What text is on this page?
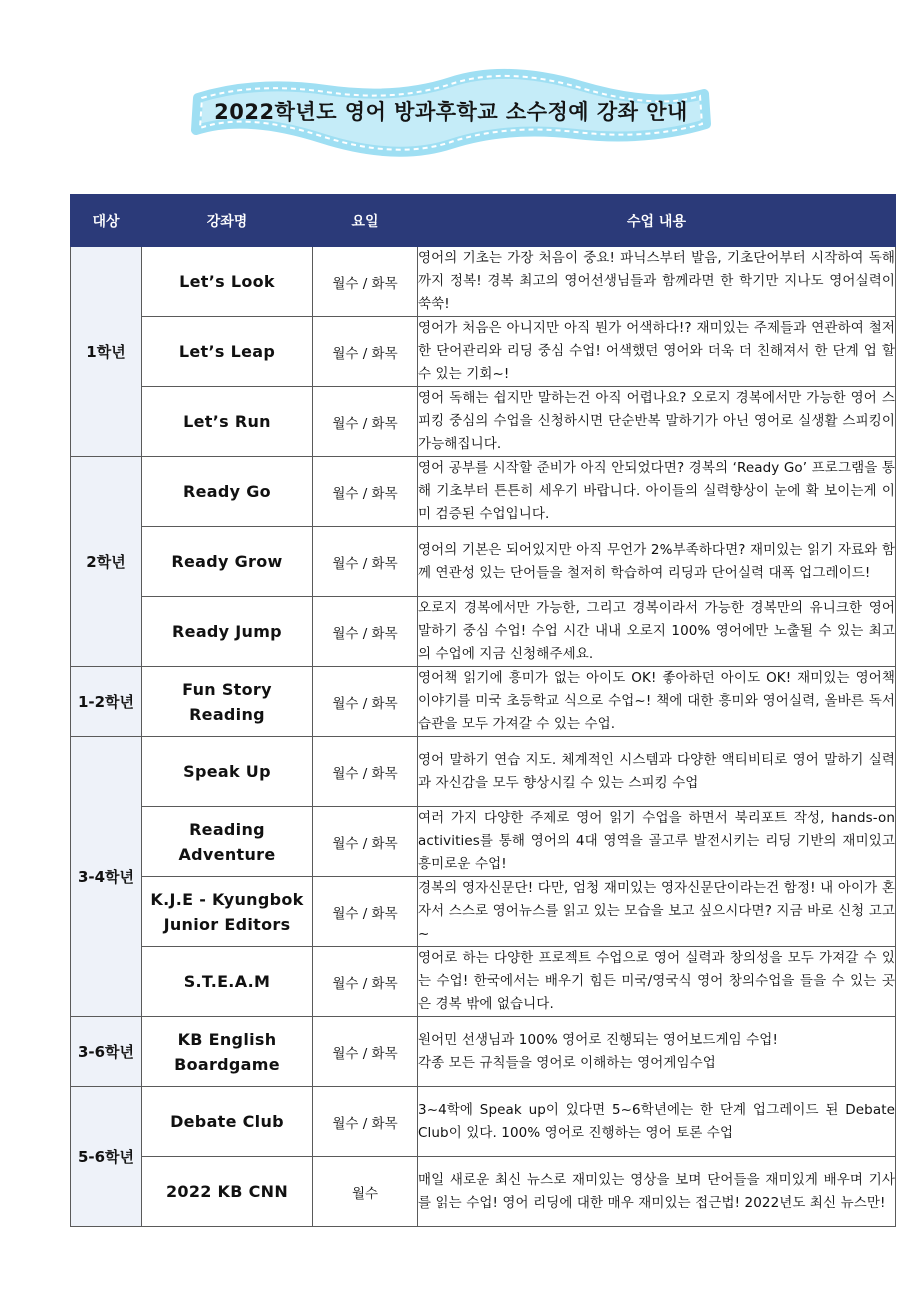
2022학년도 영어 방과후학교 소수정예 강좌 안내
대상	강좌명	요일	수업 내용
1학년	Let’s Look	월수 / 화목	영어의 기초는 가장 처음이 중요! 파닉스부터 발음, 기초단어부터 시작하여 독해까지 정복! 경복 최고의 영어선생님들과 함께라면 한 학기만 지나도 영어실력이 쑥쑥!
	Let’s Leap	월수 / 화목	영어가 처음은 아니지만 아직 뭔가 어색하다!? 재미있는 주제들과 연관하여 철저한 단어관리와 리딩 중심 수업! 어색했던 영어와 더욱 더 친해져서 한 단계 업 할 수 있는 기회~!
	Let’s Run	월수 / 화목	영어 독해는 쉽지만 말하는건 아직 어렵나요? 오로지 경복에서만 가능한 영어 스피킹 중심의 수업을 신청하시면 단순반복 말하기가 아닌 영어로 실생활 스피킹이 가능해집니다.
2학년	Ready Go	월수 / 화목	영어 공부를 시작할 준비가 아직 안되었다면? 경복의 ‘Ready Go’ 프로그램을 통해 기초부터 튼튼히 세우기 바랍니다. 아이들의 실력향상이 눈에 확 보이는게 이미 검증된 수업입니다.
	Ready Grow	월수 / 화목	영어의 기본은 되어있지만 아직 무언가 2%부족하다면? 재미있는 읽기 자료와 함께 연관성 있는 단어들을 철저히 학습하여 리딩과 단어실력 대폭 업그레이드!
	Ready Jump	월수 / 화목	오로지 경복에서만 가능한, 그리고 경복이라서 가능한 경복만의 유니크한 영어 말하기 중심 수업! 수업 시간 내내 오로지 100% 영어에만 노출될 수 있는 최고의 수업에 지금 신청해주세요.
1-2학년	Fun Story Reading	월수 / 화목	영어책 읽기에 흥미가 없는 아이도 OK! 좋아하던 아이도 OK! 재미있는 영어책 이야기를 미국 초등학교 식으로 수업~! 책에 대한 흥미와 영어실력, 올바른 독서습관을 모두 가져갈 수 있는 수업.
3-4학년	Speak Up	월수 / 화목	영어 말하기 연습 지도. 체계적인 시스템과 다양한 액티비티로 영어 말하기 실력과 자신감을 모두 향상시킬 수 있는 스피킹 수업
	Reading Adventure	월수 / 화목	여러 가지 다양한 주제로 영어 읽기 수업을 하면서 북리포트 작성, hands-on activities를 통해 영어의 4대 영역을 골고루 발전시키는 리딩 기반의 재미있고 흥미로운 수업!
	K.J.E - Kyungbok Junior Editors	월수 / 화목	경복의 영자신문단! 다만, 엄청 재미있는 영자신문단이라는건 함정! 내 아이가 혼자서 스스로 영어뉴스를 읽고 있는 모습을 보고 싶으시다면? 지금 바로 신청 고고~
	S.T.E.A.M	월수 / 화목	영어로 하는 다양한 프로젝트 수업으로 영어 실력과 창의성을 모두 가져갈 수 있는 수업! 한국에서는 배우기 힘든 미국/영국식 영어 창의수업을 들을 수 있는 곳은 경복 밖에 없습니다.
3-6학년	KB English Boardgame	월수 / 화목	원어민 선생님과 100% 영어로 진행되는 영어보드게임 수업!
각종 모든 규칙들을 영어로 이해하는 영어게임수업
5-6학년	Debate Club	월수 / 화목	3~4학에 Speak up이 있다면 5~6학년에는 한 단계 업그레이드 된 Debate Club이 있다. 100% 영어로 진행하는 영어 토론 수업
	2022 KB CNN	월수	매일 새로운 최신 뉴스로 재미있는 영상을 보며 단어들을 재미있게 배우며 기사를 읽는 수업! 영어 리딩에 대한 매우 재미있는 접근법! 2022년도 최신 뉴스만!
